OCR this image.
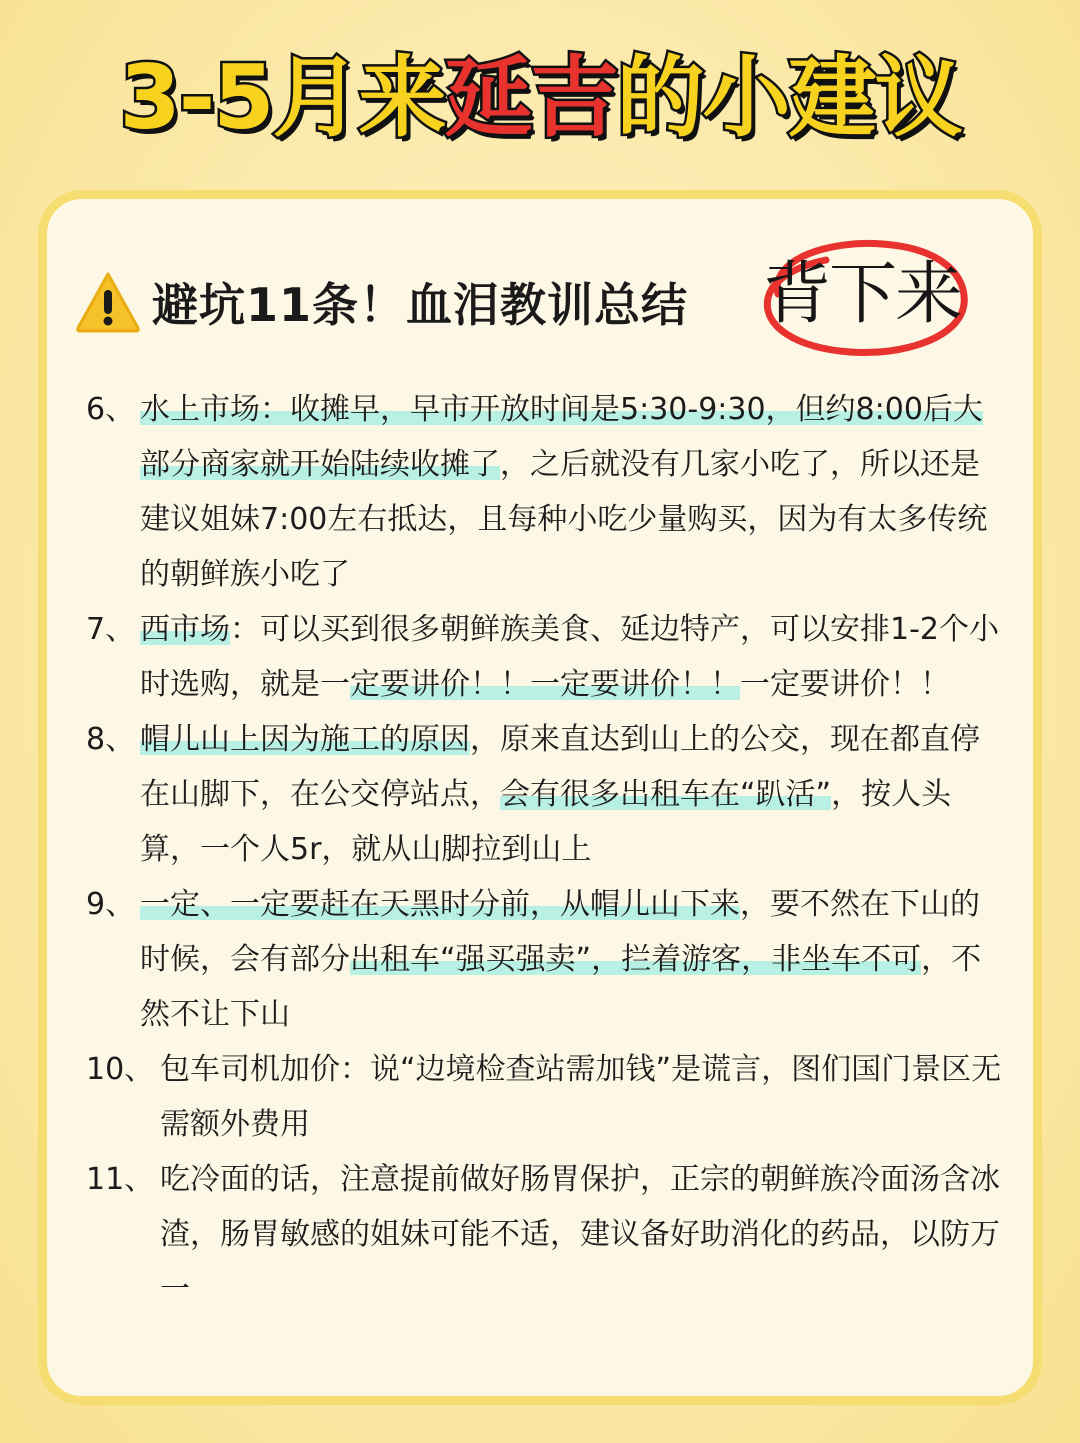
3-5月来延吉的小建议
避坑11条！血泪教训总结 背下来
6、 水上市场：收摊早，早市开放时间是5:30-9:30，但约8:00后大部分商家就开始陆续收摊了，之后就没有几家小吃了，所以还是建议姐妹7:00左右抵达，且每种小吃少量购买，因为有太多传统的朝鲜族小吃了
7、 西市场：可以买到很多朝鲜族美食、延边特产，可以安排1-2个小时选购，就是一定要讲价！！一定要讲价！！一定要讲价！！
8、 帽儿山上因为施工的原因，原来直达到山上的公交，现在都直停在山脚下，在公交停站点，会有很多出租车在“趴活”，按人头算，一个人5r，就从山脚拉到山上
9、 一定、一定要赶在天黑时分前，从帽儿山下来，要不然在下山的时候，会有部分出租车“强买强卖”，拦着游客，非坐车不可，不然不让下山
10、 包车司机加价：说“边境检查站需加钱”是谎言，图们国门景区无需额外费用
11、 吃冷面的话，注意提前做好肠胃保护，正宗的朝鲜族冷面汤含冰渣，肠胃敏感的姐妹可能不适，建议备好助消化的药品，以防万一
